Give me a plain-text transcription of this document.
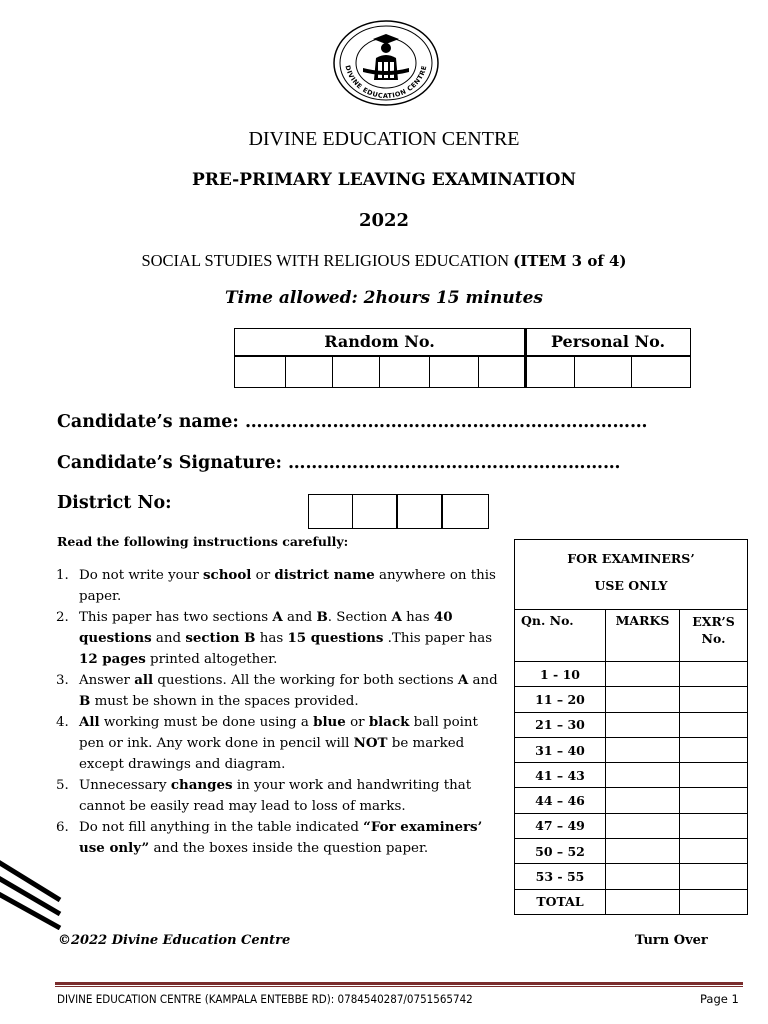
DIVINE EDUCATION CENTRE
DIVINE EDUCATION CENTRE
PRE-PRIMARY LEAVING EXAMINATION
2022
SOCIAL STUDIES WITH RELIGIOUS EDUCATION (ITEM 3 of 4)
Time allowed: 2hours 15 minutes
Random No.	Personal No.
Candidate’s name: ……………………………………………………………
Candidate’s Signature: …………………………………………………
District No:
Read the following instructions carefully:
1. Do not write your school or district name anywhere on this paper.
2. This paper has two sections A and B. Section A has 40 questions and section B has 15 questions .This paper has 12 pages printed altogether.
3. Answer all questions. All the working for both sections A and B must be shown in the spaces provided.
4. All working must be done using a blue or black ball point pen or ink. Any work done in pencil will NOT be marked except drawings and diagram.
5. Unnecessary changes in your work and handwriting that cannot be easily read may lead to loss of marks.
6. Do not fill anything in the table indicated “For examiners’ use only” and the boxes inside the question paper.
FOR EXAMINERS’
USE ONLY		

Qn. No.	MARKS	EXR’S No.
1 - 10		
11 – 20		
21 – 30		
31 – 40		
41 – 43		
44 – 46		
47 – 49		
50 – 52		
53 - 55		
TOTAL		
©2022 Divine Education Centre	Turn Over
DIVINE EDUCATION CENTRE (KAMPALA ENTEBBE RD): 0784540287/0751565742	Page 1
